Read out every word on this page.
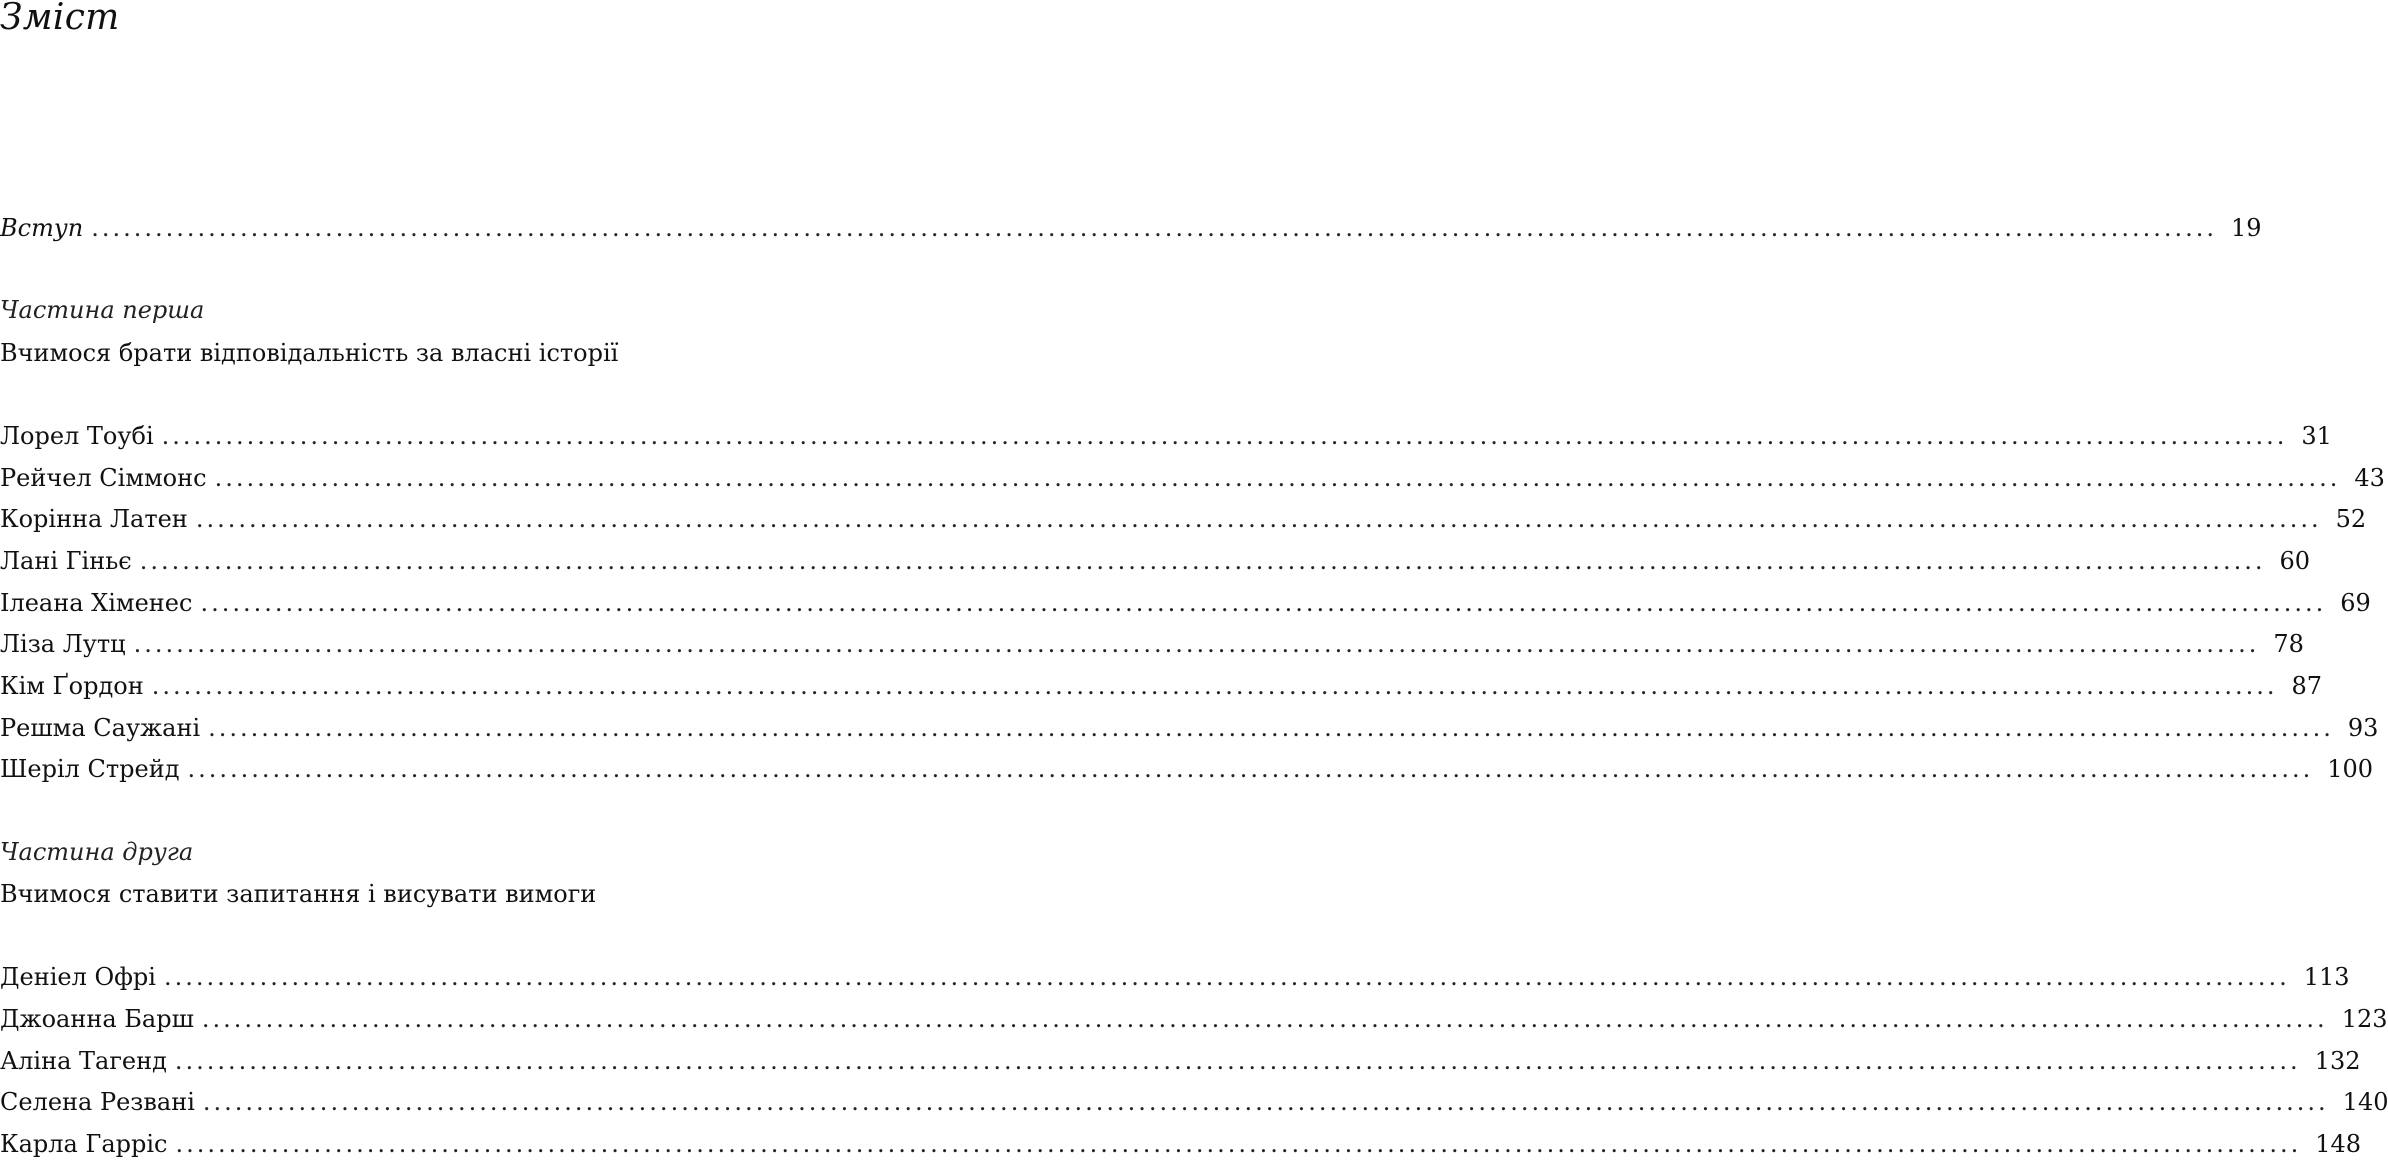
Зміст
Вступ ........................................................................................................................................................................................................ 19
Частина перша
Вчимося брати відповідальність за власні історії
Лорел Тоубі ........................................................................................................................................................................................................ 31
Рейчел Сіммонс ........................................................................................................................................................................................................ 43
Корінна Латен ........................................................................................................................................................................................................ 52
Лані Гіньє ........................................................................................................................................................................................................ 60
Ілеана Хіменес ........................................................................................................................................................................................................ 69
Ліза Лутц ........................................................................................................................................................................................................ 78
Кім Ґордон ........................................................................................................................................................................................................ 87
Решма Саужані ........................................................................................................................................................................................................ 93
Шеріл Стрейд ........................................................................................................................................................................................................ 100
Частина друга
Вчимося ставити запитання і висувати вимоги
Деніел Офрі ........................................................................................................................................................................................................ 113
Джоанна Барш ........................................................................................................................................................................................................ 123
Аліна Тагенд ........................................................................................................................................................................................................ 132
Селена Резвані ........................................................................................................................................................................................................ 140
Карла Гарріс ........................................................................................................................................................................................................ 148
